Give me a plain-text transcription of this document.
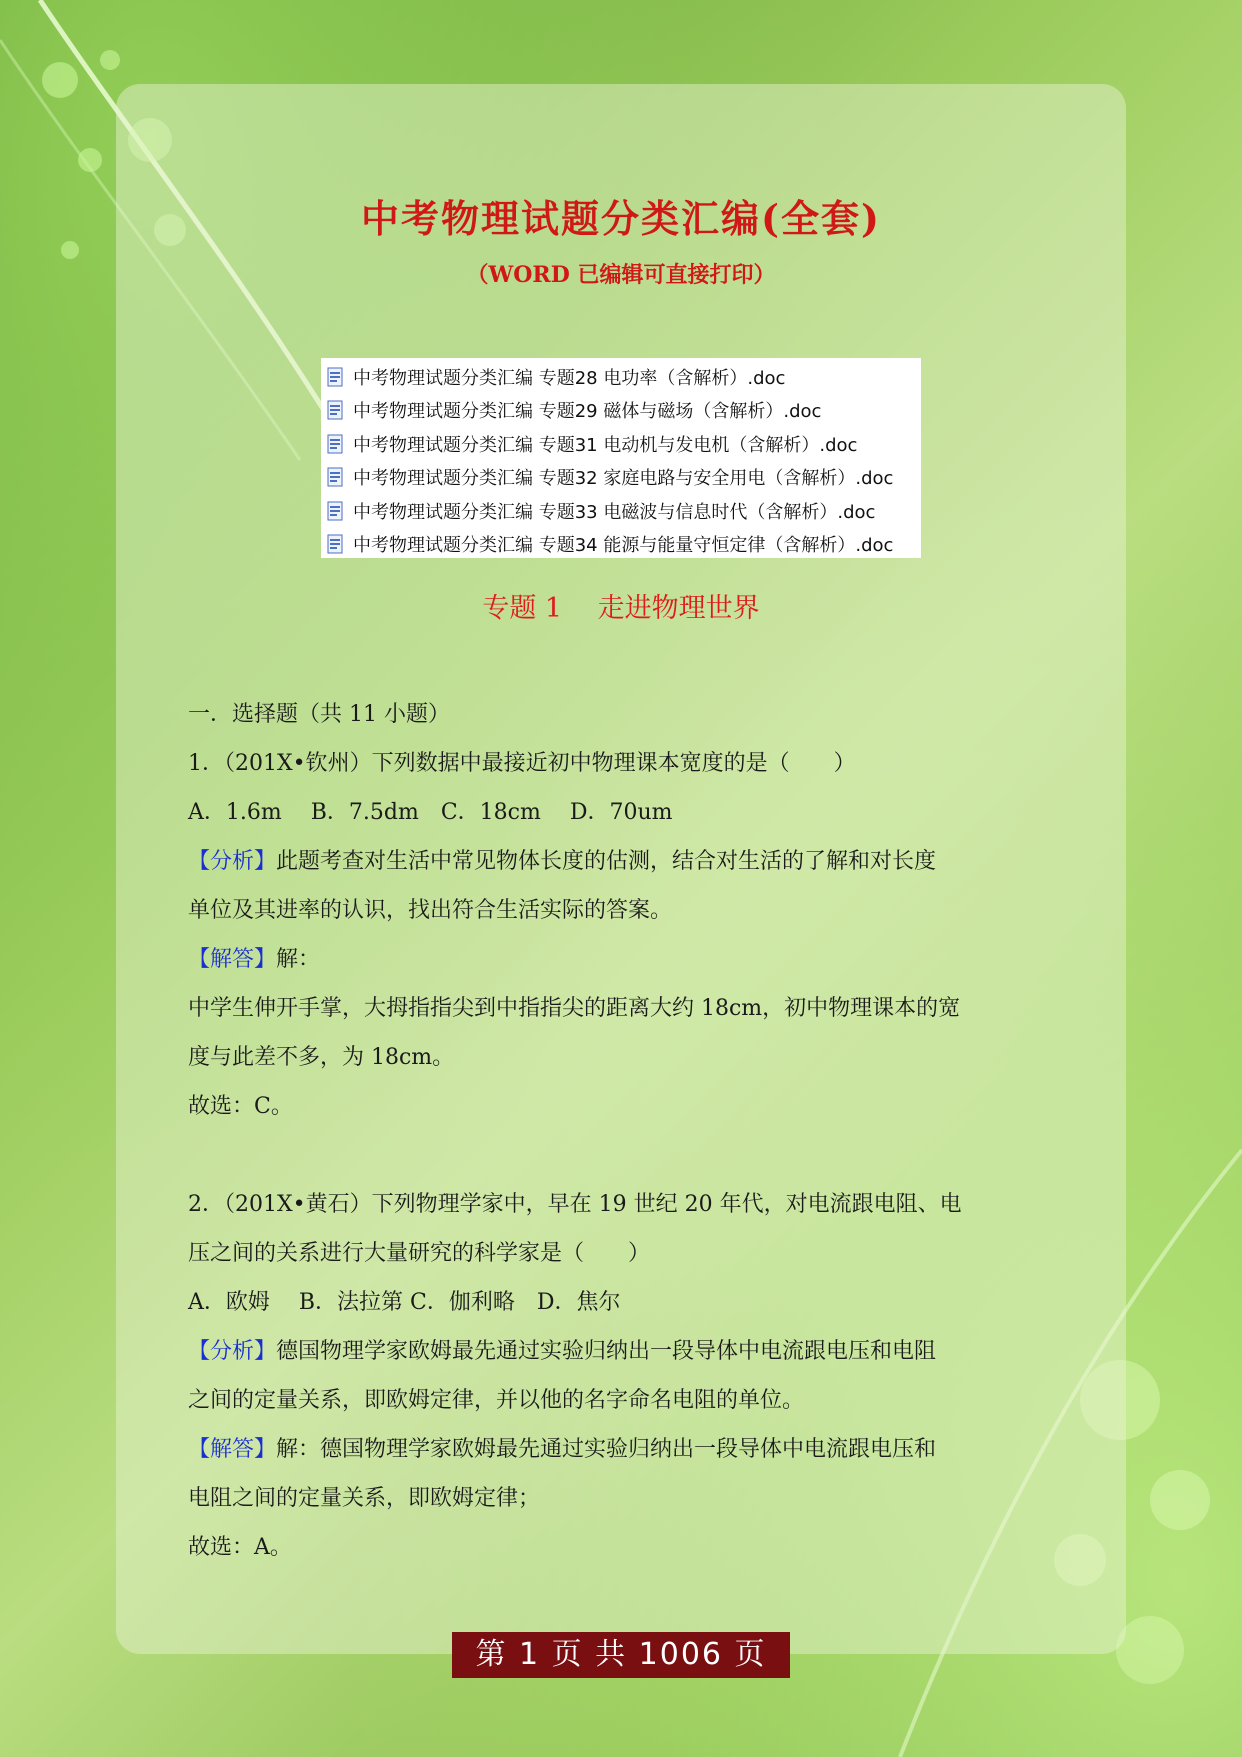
中考物理试题分类汇编(全套)
（WORD 已编辑可直接打印）
中考物理试题分类汇编 专题28 电功率（含解析）.doc
中考物理试题分类汇编 专题29 磁体与磁场（含解析）.doc
中考物理试题分类汇编 专题31 电动机与发电机（含解析）.doc
中考物理试题分类汇编 专题32 家庭电路与安全用电（含解析）.doc
中考物理试题分类汇编 专题33 电磁波与信息时代（含解析）.doc
中考物理试题分类汇编 专题34 能源与能量守恒定律（含解析）.doc
专题 1　 走进物理世界

一．选择题（共 11 小题）

1．（201X•钦州）下列数据中最接近初中物理课本宽度的是（　　）

A．1.6m　 B．7.5dm　C．18cm　 D．70um

【分析】此题考查对生活中常见物体长度的估测，结合对生活的了解和对长度

单位及其进率的认识，找出符合生活实际的答案。

【解答】解：

中学生伸开手掌，大拇指指尖到中指指尖的距离大约 18cm，初中物理课本的宽

度与此差不多，为 18cm。

故选：C。

2．（201X•黄石）下列物理学家中，早在 19 世纪 20 年代，对电流跟电阻、电

压之间的关系进行大量研究的科学家是（　　）

A．欧姆　 B．法拉第 C．伽利略　D．焦尔

【分析】德国物理学家欧姆最先通过实验归纳出一段导体中电流跟电压和电阻

之间的定量关系，即欧姆定律，并以他的名字命名电阻的单位。

【解答】解：德国物理学家欧姆最先通过实验归纳出一段导体中电流跟电压和

电阻之间的定量关系，即欧姆定律；

故选：A。

第 1 页 共 1006 页
